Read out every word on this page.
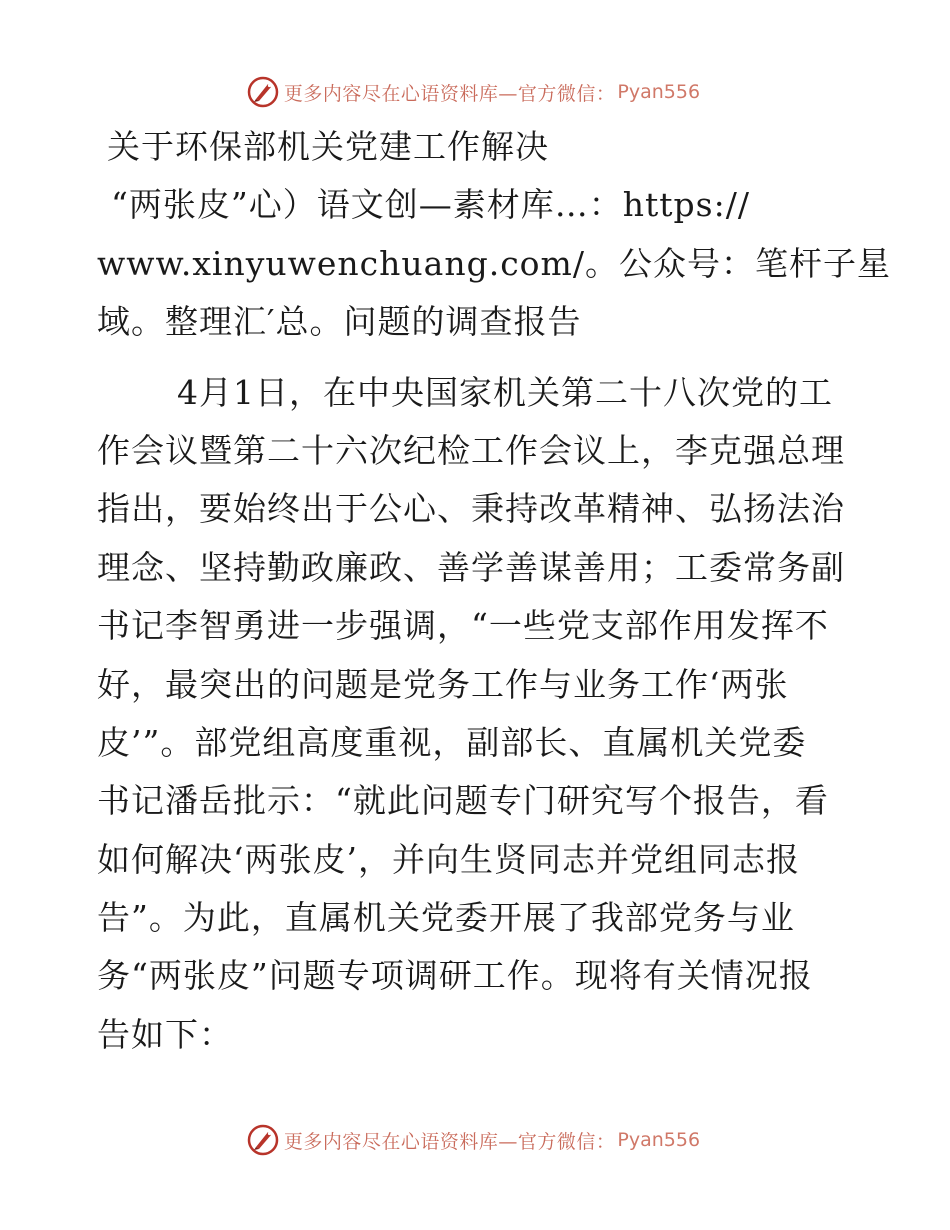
更多内容尽在心语资料库—官方微信： Pyan556
关于环保部机关党建工作解决
“两张皮”心）语文创—素材库…：https://
www.xinyuwenchuang.com/。公众号：笔杆子星
域。整理汇′总。问题的调查报告
4月1日，在中央国家机关第二十八次党的工
作会议暨第二十六次纪检工作会议上，李克强总理
指出，要始终出于公心、秉持改革精神、弘扬法治
理念、坚持勤政廉政、善学善谋善用；工委常务副
书记李智勇进一步强调，“一些党支部作用发挥不
好，最突出的问题是党务工作与业务工作‘两张
皮’”。部党组高度重视，副部长、直属机关党委
书记潘岳批示：“就此问题专门研究写个报告，看
如何解决‘两张皮’，并向生贤同志并党组同志报
告”。为此，直属机关党委开展了我部党务与业
务“两张皮”问题专项调研工作。现将有关情况报
告如下：
更多内容尽在心语资料库—官方微信： Pyan556
